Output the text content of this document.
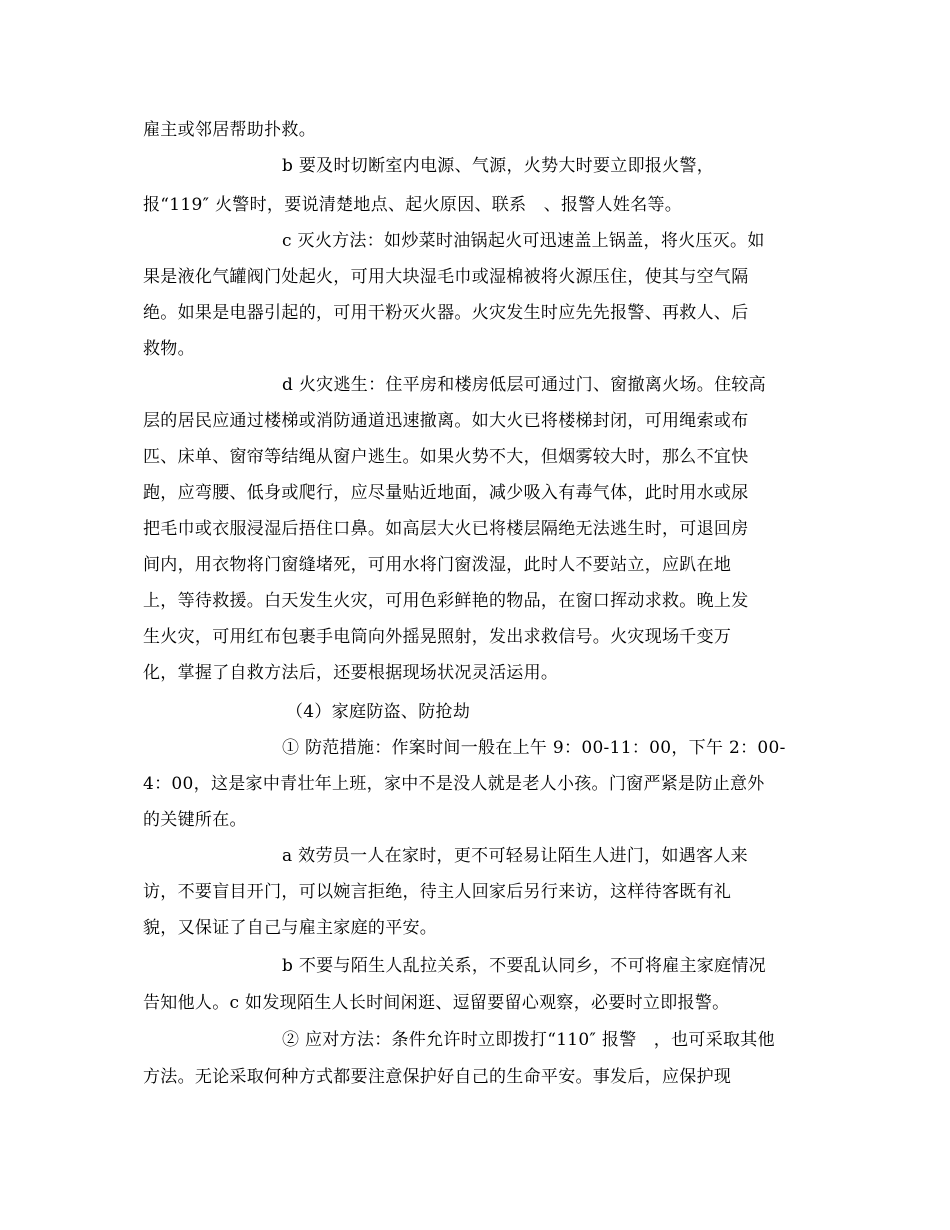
雇主或邻居帮助扑救。
b 要及时切断室内电源、气源，火势大时要立即报火警，
报“119″ 火警时，要说清楚地点、起火原因、联系　、报警人姓名等。
c 灭火方法：如炒菜时油锅起火可迅速盖上锅盖，将火压灭。如
果是液化气罐阀门处起火，可用大块湿毛巾或湿棉被将火源压住，使其与空气隔
绝。如果是电器引起的，可用干粉灭火器。火灾发生时应先先报警、再救人、后
救物。
d 火灾逃生：住平房和楼房低层可通过门、窗撤离火场。住较高
层的居民应通过楼梯或消防通道迅速撤离。如大火已将楼梯封闭，可用绳索或布
匹、床单、窗帘等结绳从窗户逃生。如果火势不大，但烟雾较大时，那么不宜快
跑，应弯腰、低身或爬行，应尽量贴近地面，减少吸入有毒气体，此时用水或尿
把毛巾或衣服浸湿后捂住口鼻。如高层大火已将楼层隔绝无法逃生时，可退回房
间内，用衣物将门窗缝堵死，可用水将门窗泼湿，此时人不要站立，应趴在地
上，等待救援。白天发生火灾，可用色彩鲜艳的物品，在窗口挥动求救。晚上发
生火灾，可用红布包裹手电筒向外摇晃照射，发出求救信号。火灾现场千变万
化，掌握了自救方法后，还要根据现场状况灵活运用。
（4）家庭防盗、防抢劫
① 防范措施：作案时间一般在上午 9：00-11：00，下午 2：00-
4：00，这是家中青壮年上班，家中不是没人就是老人小孩。门窗严紧是防止意外
的关键所在。
a 效劳员一人在家时，更不可轻易让陌生人进门，如遇客人来
访，不要盲目开门，可以婉言拒绝，待主人回家后另行来访，这样待客既有礼
貌，又保证了自己与雇主家庭的平安。
b 不要与陌生人乱拉关系，不要乱认同乡，不可将雇主家庭情况
告知他人。c 如发现陌生人长时间闲逛、逗留要留心观察，必要时立即报警。
② 应对方法：条件允许时立即拨打“110″ 报警　，也可采取其他
方法。无论采取何种方式都要注意保护好自己的生命平安。事发后，应保护现
